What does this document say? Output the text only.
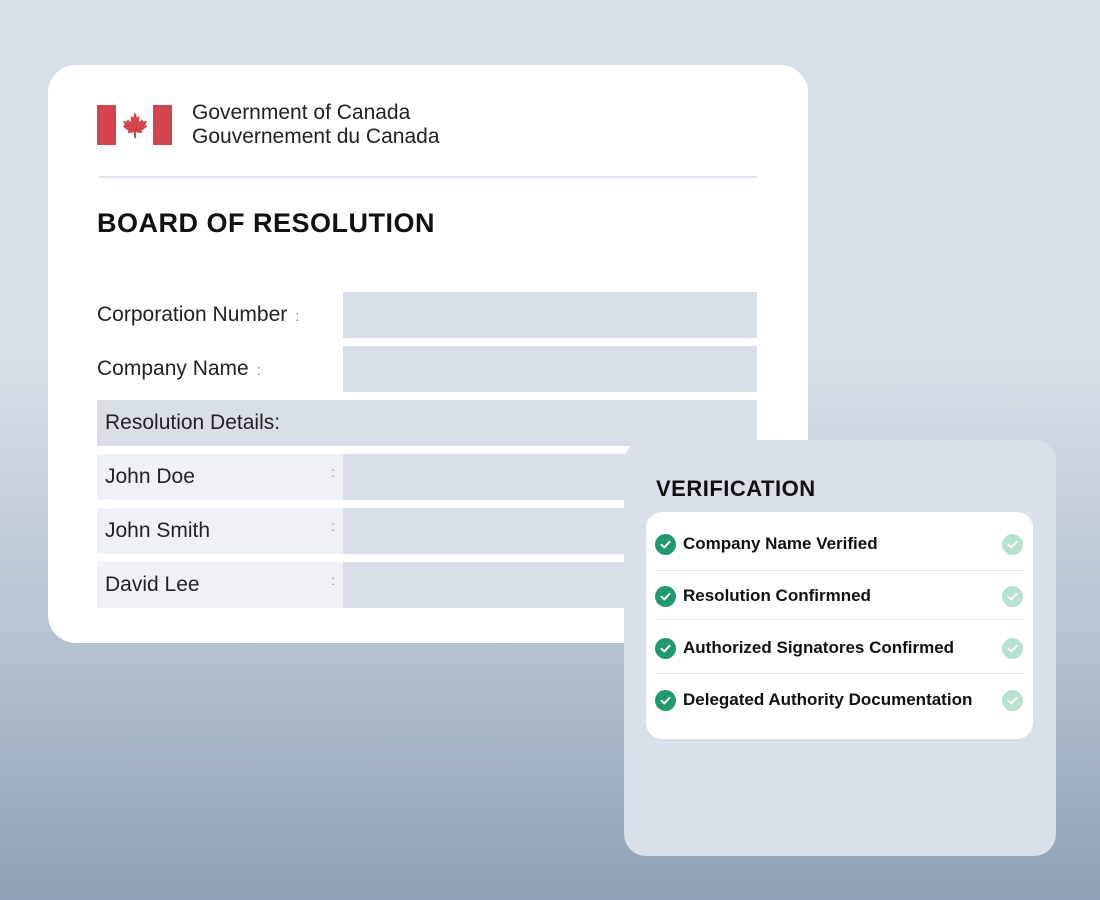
Government of Canada
Gouvernement du Canada
BOARD OF RESOLUTION
Corporation Number :
Company Name :
Resolution Details:
John Doe	:
John Smith	:
David Lee	:
VERIFICATION
Company Name Verified
Resolution Confirmned
Authorized Signatores Confirmed
Delegated Authority Documentation
